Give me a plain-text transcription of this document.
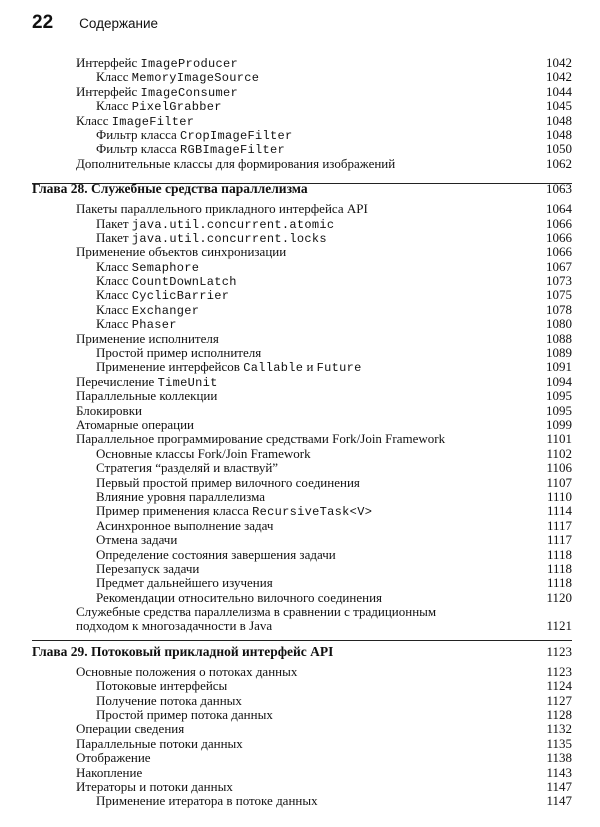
22 Содержание
Интерфейс ImageProducer	1042
Класс MemoryImageSource	1042
Интерфейс ImageConsumer	1044
Класс PixelGrabber	1045
Класс ImageFilter	1048
Фильтр класса CropImageFilter	1048
Фильтр класса RGBImageFilter	1050
Дополнительные классы для формирования изображений	1062
Глава 28. Служебные средства параллелизма	1063
Пакеты параллельного прикладного интерфейса API	1064
Пакет java.util.concurrent.atomic	1066
Пакет java.util.concurrent.locks	1066
Применение объектов синхронизации	1066
Класс Semaphore	1067
Класс CountDownLatch	1073
Класс CyclicBarrier	1075
Класс Exchanger	1078
Класс Phaser	1080
Применение исполнителя	1088
Простой пример исполнителя	1089
Применение интерфейсов Callable и Future	1091
Перечисление TimeUnit	1094
Параллельные коллекции	1095
Блокировки	1095
Атомарные операции	1099
Параллельное программирование средствами Fork/Join Framework	1101
Основные классы Fork/Join Framework	1102
Стратегия “разделяй и властвуй”	1106
Первый простой пример вилочного соединения	1107
Влияние уровня параллелизма	1110
Пример применения класса RecursiveTask<V>	1114
Асинхронное выполнение задач	1117
Отмена задачи	1117
Определение состояния завершения задачи	1118
Перезапуск задачи	1118
Предмет дальнейшего изучения	1118
Рекомендации относительно вилочного соединения	1120
Служебные средства параллелизма в сравнении с традиционным
подходом к многозадачности в Java	1121
Глава 29. Потоковый прикладной интерфейс API	1123
Основные положения о потоках данных	1123
Потоковые интерфейсы	1124
Получение потока данных	1127
Простой пример потока данных	1128
Операции сведения	1132
Параллельные потоки данных	1135
Отображение	1138
Накопление	1143
Итераторы и потоки данных	1147
Применение итератора в потоке данных	1147
